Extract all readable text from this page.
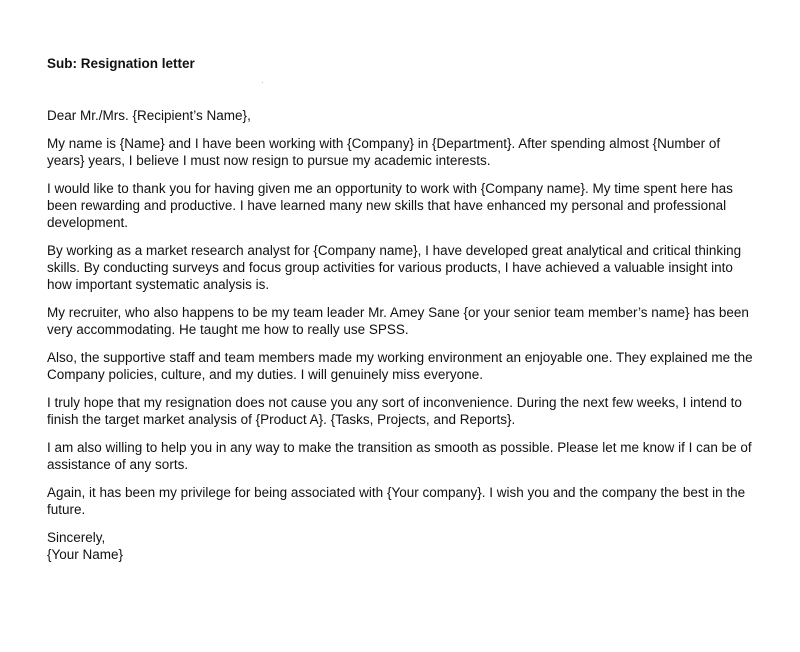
Sub: Resignation letter

Dear Mr./Mrs. {Recipient’s Name},

My name is {Name} and I have been working with {Company} in {Department}. After spending almost {Number of years} years, I believe I must now resign to pursue my academic interests.

I would like to thank you for having given me an opportunity to work with {Company name}. My time spent here has been rewarding and productive. I have learned many new skills that have enhanced my personal and professional development.

By working as a market research analyst for {Company name}, I have developed great analytical and critical thinking skills. By conducting surveys and focus group activities for various products, I have achieved a valuable insight into how important systematic analysis is.

My recruiter, who also happens to be my team leader Mr. Amey Sane {or your senior team member’s name} has been very accommodating. He taught me how to really use SPSS.

Also, the supportive staff and team members made my working environment an enjoyable one. They explained me the Company policies, culture, and my duties. I will genuinely miss everyone.

I truly hope that my resignation does not cause you any sort of inconvenience. During the next few weeks, I intend to finish the target market analysis of {Product A}. {Tasks, Projects, and Reports}.

I am also willing to help you in any way to make the transition as smooth as possible. Please let me know if I can be of assistance of any sorts.

Again, it has been my privilege for being associated with {Your company}. I wish you and the company the best in the future.

Sincerely,
{Your Name}
